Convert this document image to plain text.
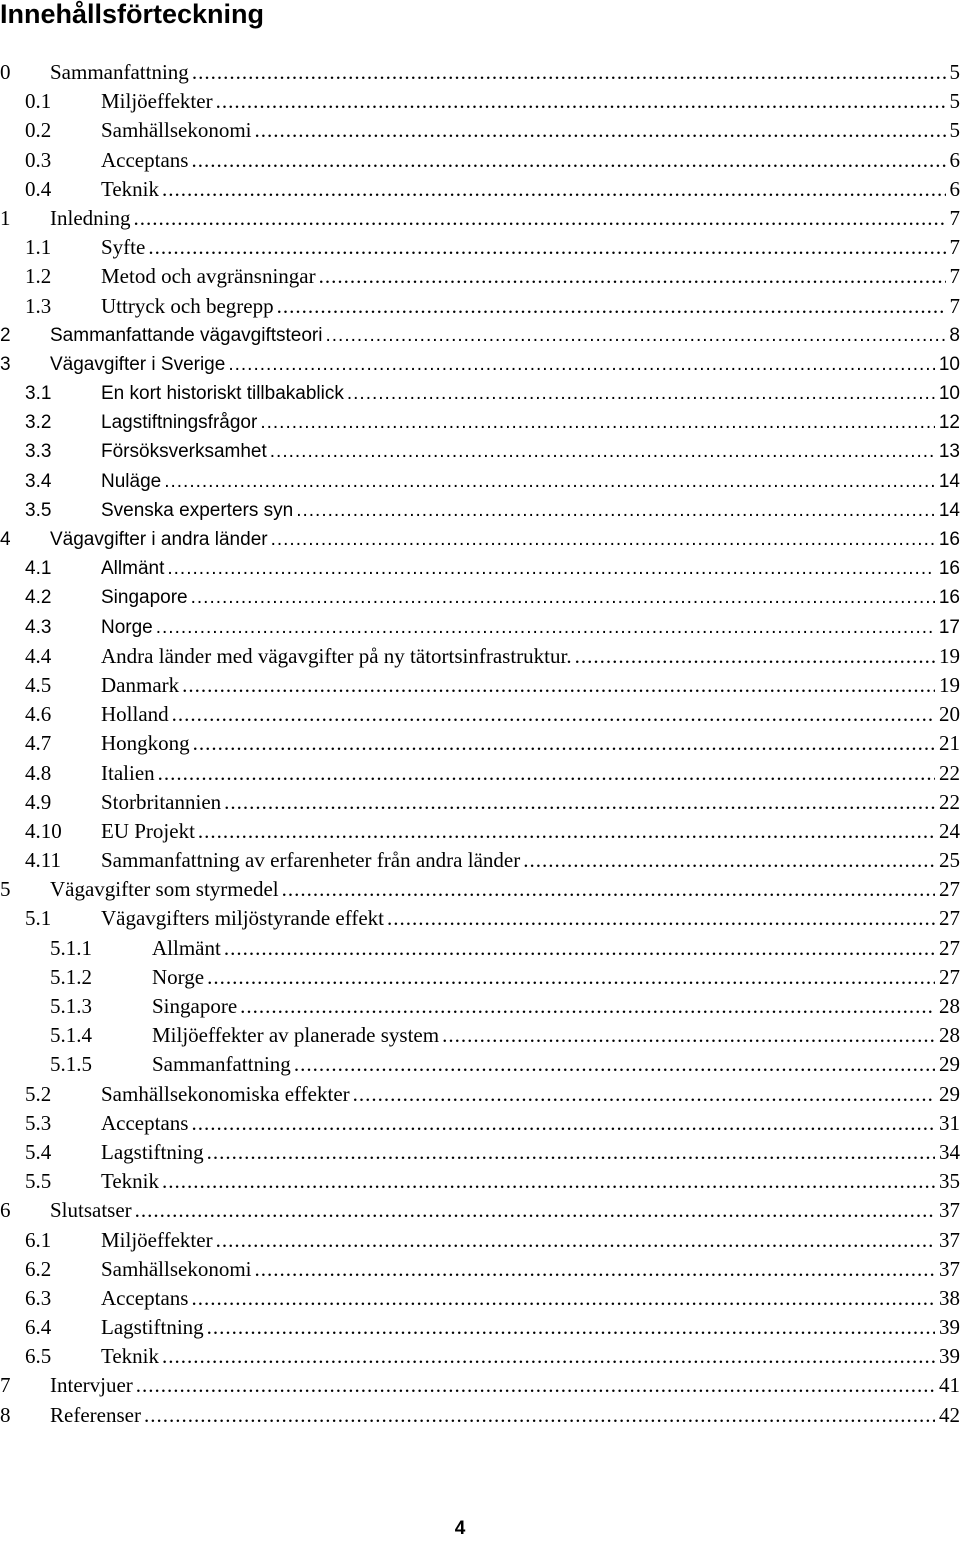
Innehållsförteckning
0 Sammanfattning .....	5
0.1 Miljöeffekter .....	5
0.2 Samhällsekonomi .....	5
0.3 Acceptans .....	6
0.4 Teknik .....	6
1 Inledning .....	7
1.1 Syfte .....	7
1.2 Metod och avgränsningar .....	7
1.3 Uttryck och begrepp .....	7
2 Sammanfattande vägavgiftsteori .....	8
3 Vägavgifter i Sverige .....	10
3.1	En kort historiskt tillbakablick .....	10
3.2	Lagstiftningsfrågor .....	12
3.3	Försöksverksamhet .....	13
3.4	Nuläge .....	14
3.5	Svenska experters syn .....	14
4 Vägavgifter i andra länder .....	16
4.1	Allmänt .....	16
4.2	Singapore .....	16
4.3	Norge .....	17
4.4 Andra länder med vägavgifter på ny tätortsinfrastruktur. .....	19
4.5 Danmark .....	19
4.6 Holland .....	20
4.7 Hongkong .....	21
4.8 Italien .....	22
4.9 Storbritannien .....	22
4.10 EU Projekt .....	24
4.11 Sammanfattning av erfarenheter från andra länder .....	25
5 Vägavgifter som styrmedel .....	27
5.1 Vägavgifters miljöstyrande effekt .....	27
5.1.1	Allmänt .....	27
5.1.2	Norge .....	27
5.1.3	Singapore .....	28
5.1.4	Miljöeffekter av planerade system .....	28
5.1.5	Sammanfattning .....	29
5.2 Samhällsekonomiska effekter .....	29
5.3 Acceptans .....	31
5.4 Lagstiftning .....	34
5.5 Teknik .....	35
6 Slutsatser .....	37
6.1 Miljöeffekter .....	37
6.2 Samhällsekonomi .....	37
6.3 Acceptans .....	38
6.4 Lagstiftning .....	39
6.5 Teknik .....	39
7 Intervjuer .....	41
8 Referenser .....	42
4
